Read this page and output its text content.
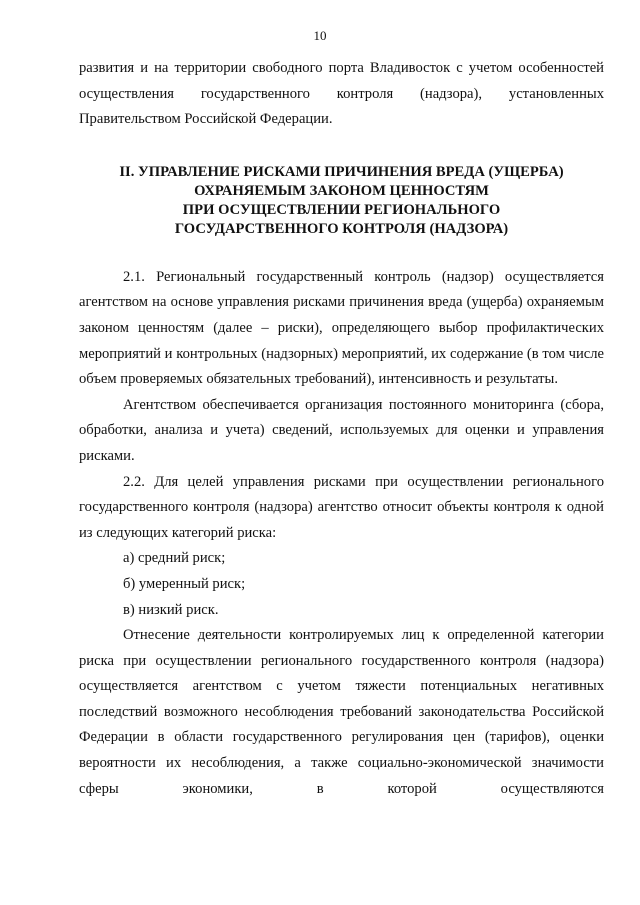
10

развития и на территории свободного порта Владивосток с учетом особенностей осуществления государственного контроля (надзора), установленных Правительством Российской Федерации.

II. УПРАВЛЕНИЕ РИСКАМИ ПРИЧИНЕНИЯ ВРЕДА (УЩЕРБА)
ОХРАНЯЕМЫМ ЗАКОНОМ ЦЕННОСТЯМ
ПРИ ОСУЩЕСТВЛЕНИИ РЕГИОНАЛЬНОГО
ГОСУДАРСТВЕННОГО КОНТРОЛЯ (НАДЗОРА)

2.1. Региональный государственный контроль (надзор) осуществляется агентством на основе управления рисками причинения вреда (ущерба) охраняемым законом ценностям (далее – риски), определяющего выбор профилактических мероприятий и контрольных (надзорных) мероприятий, их содержание (в том числе объем проверяемых обязательных требований), интенсивность и результаты.

Агентством обеспечивается организация постоянного мониторинга (сбора, обработки, анализа и учета) сведений, используемых для оценки и управления рисками.

2.2. Для целей управления рисками при осуществлении регионального государственного контроля (надзора) агентство относит объекты контроля к одной из следующих категорий риска:

а) средний риск;

б) умеренный риск;

в) низкий риск.

Отнесение деятельности контролируемых лиц к определенной категории риска при осуществлении регионального государственного контроля (надзора) осуществляется агентством с учетом тяжести потенциальных негативных последствий возможного несоблюдения требований законодательства Российской Федерации в области государственного регулирования цен (тарифов), оценки вероятности их несоблюдения, а также социально-экономической значимости сферы экономики, в которой осуществляются
